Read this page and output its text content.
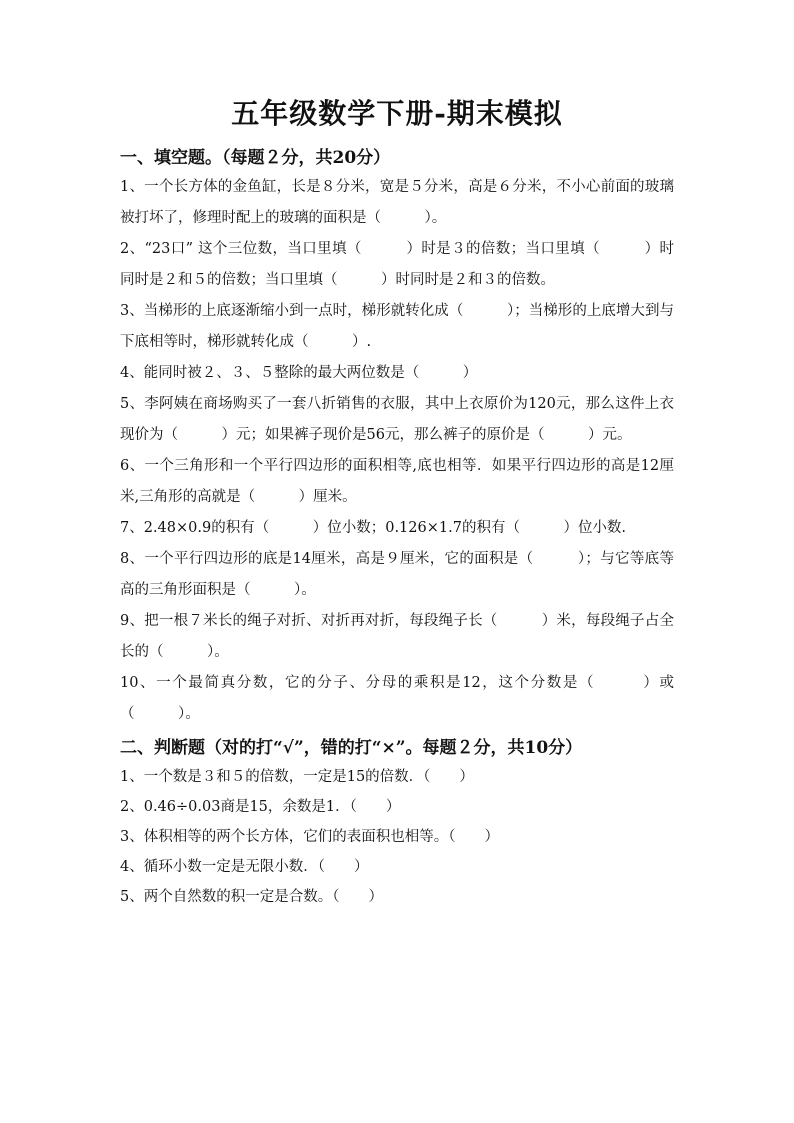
五年级数学下册-期末模拟
一、填空题。（每题２分，共20分）

1、一个长方体的金鱼缸，长是８分米，宽是５分米，高是６分米，不小心前面的玻璃被打坏了，修理时配上的玻璃的面积是（　　　）。

2、“23口” 这个三位数，当口里填（　　　）时是３的倍数；当口里填（　　　）时同时是２和５的倍数；当口里填（　　　）时同时是２和３的倍数。

3、当梯形的上底逐渐缩小到一点时，梯形就转化成（　　　）；当梯形的上底增大到与下底相等时，梯形就转化成（　　　）.

4、能同时被２、３、５整除的最大两位数是（　　　）

5、李阿姨在商场购买了一套八折销售的衣服，其中上衣原价为120元，那么这件上衣现价为（　　　）元；如果裤子现价是56元，那么裤子的原价是（　　　）元。

6、一个三角形和一个平行四边形的面积相等,底也相等．如果平行四边形的高是12厘米,三角形的高就是（　　　）厘米。

7、2.48×0.9的积有（　　　）位小数；0.126×1.7的积有（　　　）位小数.

8、一个平行四边形的底是14厘米，高是９厘米，它的面积是（　　　）；与它等底等高的三角形面积是（　　　）。

9、把一根７米长的绳子对折、对折再对折，每段绳子长（　　　）米，每段绳子占全长的（　　　）。

10、一个最简真分数，它的分子、分母的乘积是12，这个分数是（　　　）或（　　　）。

二、判断题（对的打“√”，错的打“×”。每题２分，共10分）

1、一个数是３和５的倍数，一定是15的倍数．（　　）

2、0.46÷0.03商是15，余数是1．（　　）

3、体积相等的两个长方体，它们的表面积也相等。（　　）

4、循环小数一定是无限小数．（　　）

5、两个自然数的积一定是合数。（　　）
